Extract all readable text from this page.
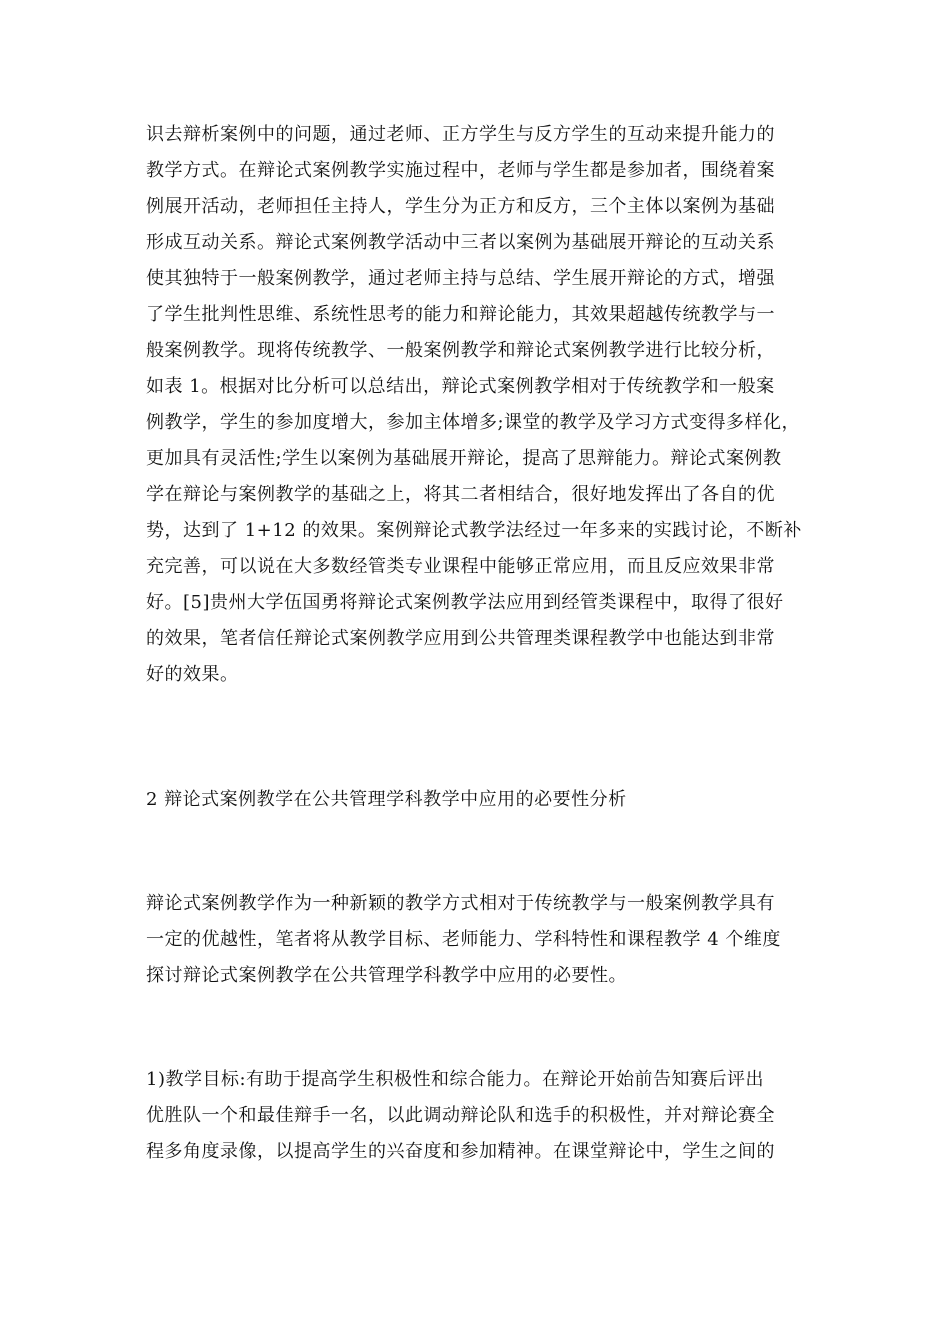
识去辩析案例中的问题，通过老师、正方学生与反方学生的互动来提升能力的
教学方式。在辩论式案例教学实施过程中，老师与学生都是参加者，围绕着案
例展开活动，老师担任主持人，学生分为正方和反方，三个主体以案例为基础
形成互动关系。辩论式案例教学活动中三者以案例为基础展开辩论的互动关系
使其独特于一般案例教学，通过老师主持与总结、学生展开辩论的方式，增强
了学生批判性思维、系统性思考的能力和辩论能力，其效果超越传统教学与一
般案例教学。现将传统教学、一般案例教学和辩论式案例教学进行比较分析，
如表 1。根据对比分析可以总结出，辩论式案例教学相对于传统教学和一般案
例教学，学生的参加度增大，参加主体增多;课堂的教学及学习方式变得多样化，
更加具有灵活性;学生以案例为基础展开辩论，提高了思辩能力。辩论式案例教
学在辩论与案例教学的基础之上，将其二者相结合，很好地发挥出了各自的优
势，达到了 1+12 的效果。案例辩论式教学法经过一年多来的实践讨论，不断补
充完善，可以说在大多数经管类专业课程中能够正常应用，而且反应效果非常
好。[5]贵州大学伍国勇将辩论式案例教学法应用到经管类课程中，取得了很好
的效果，笔者信任辩论式案例教学应用到公共管理类课程教学中也能达到非常
好的效果。
2 辩论式案例教学在公共管理学科教学中应用的必要性分析
辩论式案例教学作为一种新颖的教学方式相对于传统教学与一般案例教学具有
一定的优越性，笔者将从教学目标、老师能力、学科特性和课程教学 4 个维度
探讨辩论式案例教学在公共管理学科教学中应用的必要性。
1)教学目标:有助于提高学生积极性和综合能力。在辩论开始前告知赛后评出
优胜队一个和最佳辩手一名，以此调动辩论队和选手的积极性，并对辩论赛全
程多角度录像，以提高学生的兴奋度和参加精神。在课堂辩论中，学生之间的
